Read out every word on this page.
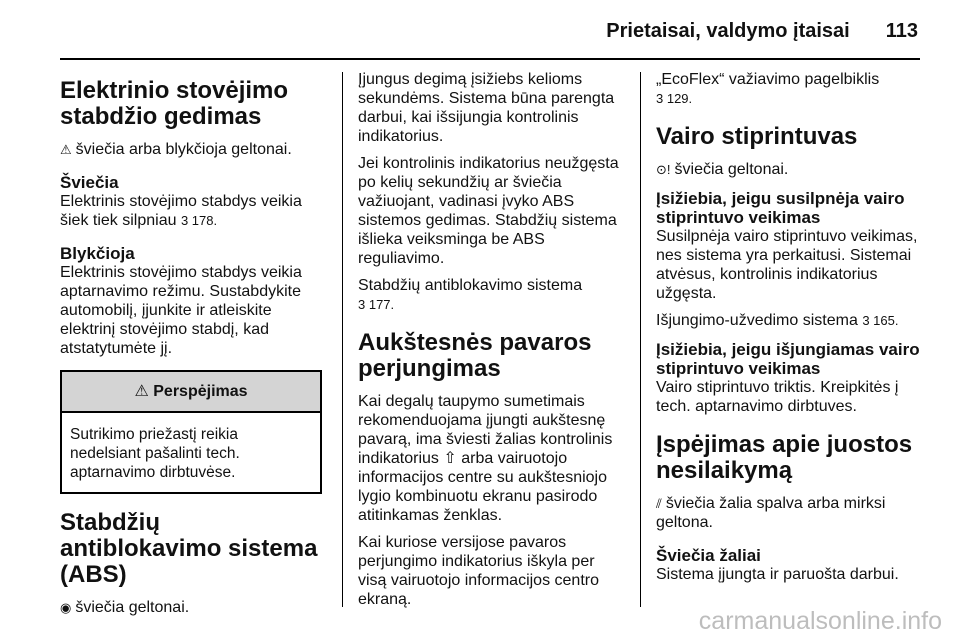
Prietaisai, valdymo įtaisai 113
Elektrinio stovėjimo stabdžio gedimas

⚠ šviečia arba blykčioja geltonai.

Šviečia

Elektrinis stovėjimo stabdys veikia šiek tiek silpniau 3 178.

Blykčioja

Elektrinis stovėjimo stabdys veikia aptarnavimo režimu. Sustabdykite automobilį, įjunkite ir atleiskite elektrinį stovėjimo stabdį, kad atstatytumėte jį.

⚠ Perspėjimas
Sutrikimo priežastį reikia nedelsiant pašalinti tech. aptarnavimo dirbtuvėse.
Stabdžių antiblokavimo sistema (ABS)

◉ šviečia geltonai.

Įjungus degimą įsižiebs kelioms sekundėms. Sistema būna parengta darbui, kai išsijungia kontrolinis indikatorius.

Jei kontrolinis indikatorius neužgęsta po kelių sekundžių ar šviečia važiuojant, vadinasi įvyko ABS sistemos gedimas. Stabdžių sistema išlieka veiksminga be ABS reguliavimo.

Stabdžių antiblokavimo sistema
3 177.

Aukštesnės pavaros perjungimas

Kai degalų taupymo sumetimais rekomenduojama įjungti aukštesnę pavarą, ima šviesti žalias kontrolinis indikatorius ⇧ arba vairuotojo informacijos centre su aukštesniojo lygio kombinuotu ekranu pasirodo atitinkamas ženklas.

Kai kuriose versijose pavaros perjungimo indikatorius iškyla per visą vairuotojo informacijos centro ekraną.

„EcoFlex“ važiavimo pagelbiklis
3 129.

Vairo stiprintuvas

⊙! šviečia geltonai.

Įsižiebia, jeigu susilpnėja vairo stiprintuvo veikimas

Susilpnėja vairo stiprintuvo veikimas, nes sistema yra perkaitusi. Sistemai atvėsus, kontrolinis indikatorius užgęsta.

Išjungimo-užvedimo sistema 3 165.

Įsižiebia, jeigu išjungiamas vairo stiprintuvo veikimas

Vairo stiprintuvo triktis. Kreipkitės į tech. aptarnavimo dirbtuves.

Įspėjimas apie juostos nesilaikymą

⫽ šviečia žalia spalva arba mirksi geltona.

Šviečia žaliai

Sistema įjungta ir paruošta darbui.

carmanualsonline.info
